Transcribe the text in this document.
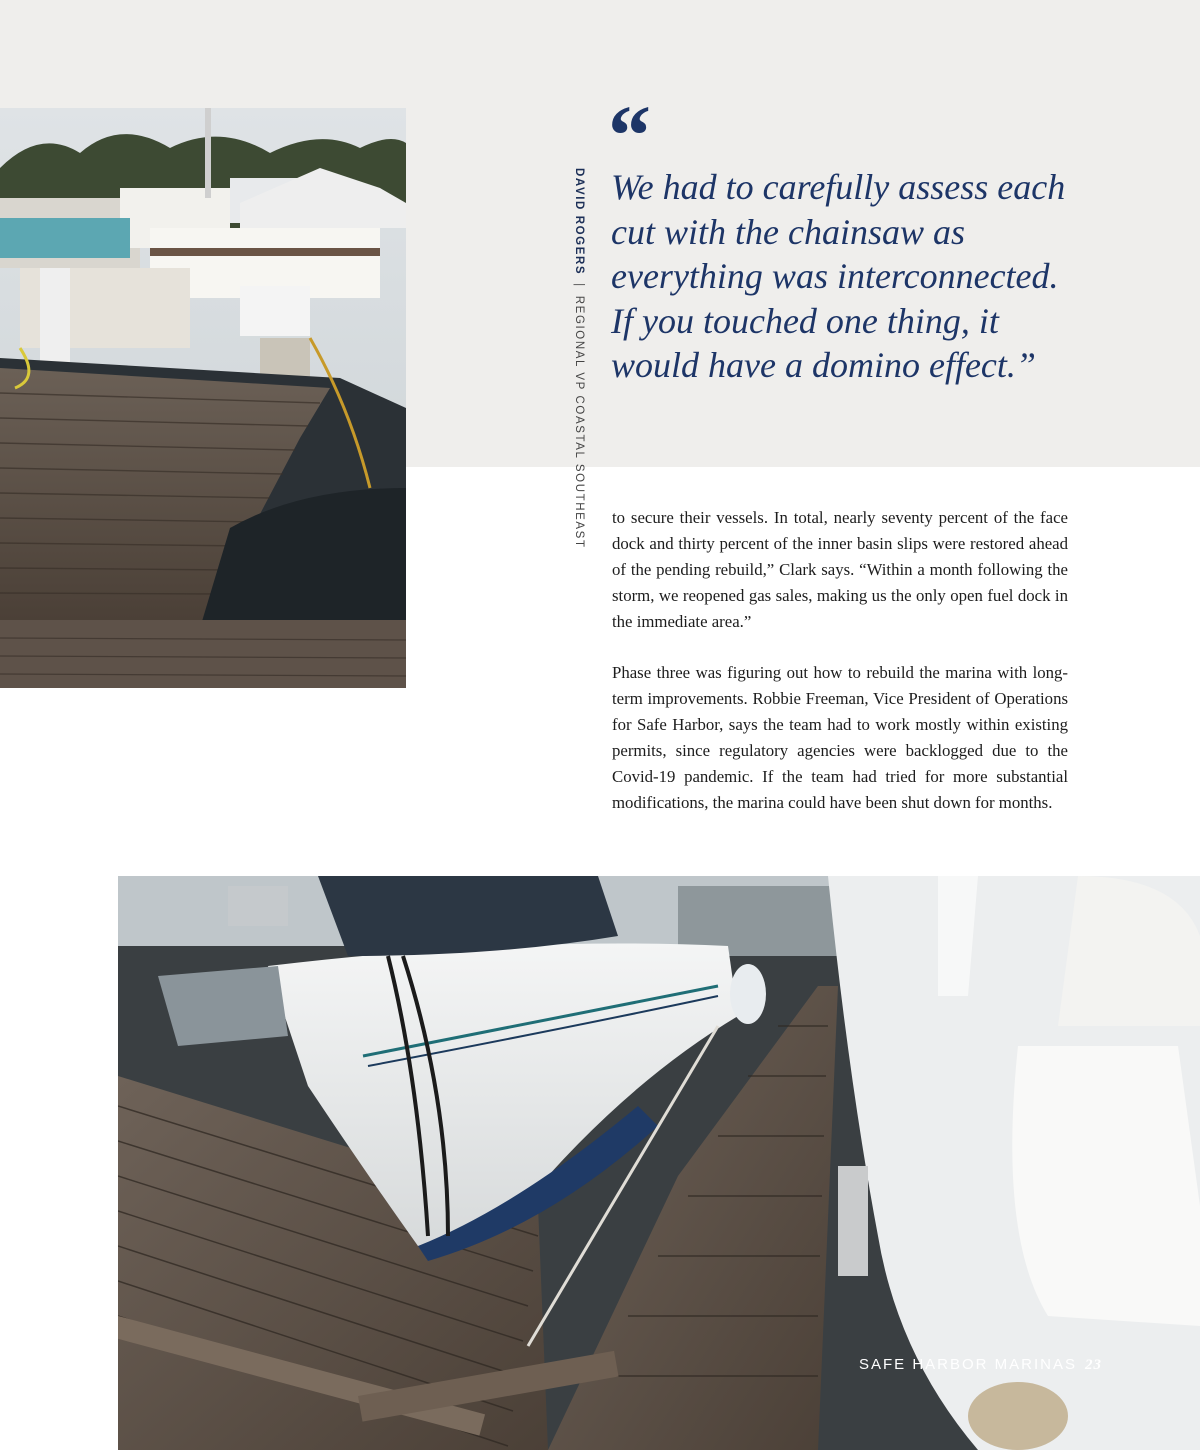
DAVID ROGERS|REGIONAL VP COASTAL SOUTHEAST
“

We had to carefully assess each cut with the chainsaw as everything was interconnected. If you touched one thing, it would have a domino effect.”

to secure their vessels. In total, nearly seventy percent of the face dock and thirty percent of the inner basin slips were restored ahead of the pending rebuild,” Clark says. “Within a month following the storm, we reopened gas sales, making us the only open fuel dock in the immediate area.”

Phase three was figuring out how to rebuild the marina with long-term improvements. Robbie Freeman, Vice President of Operations for Safe Harbor, says the team had to work mostly within existing permits, since regulatory agencies were backlogged due to the Covid-19 pandemic. If the team had tried for more substantial modifications, the marina could have been shut down for months.

SAFE HARBOR MARINAS 23
